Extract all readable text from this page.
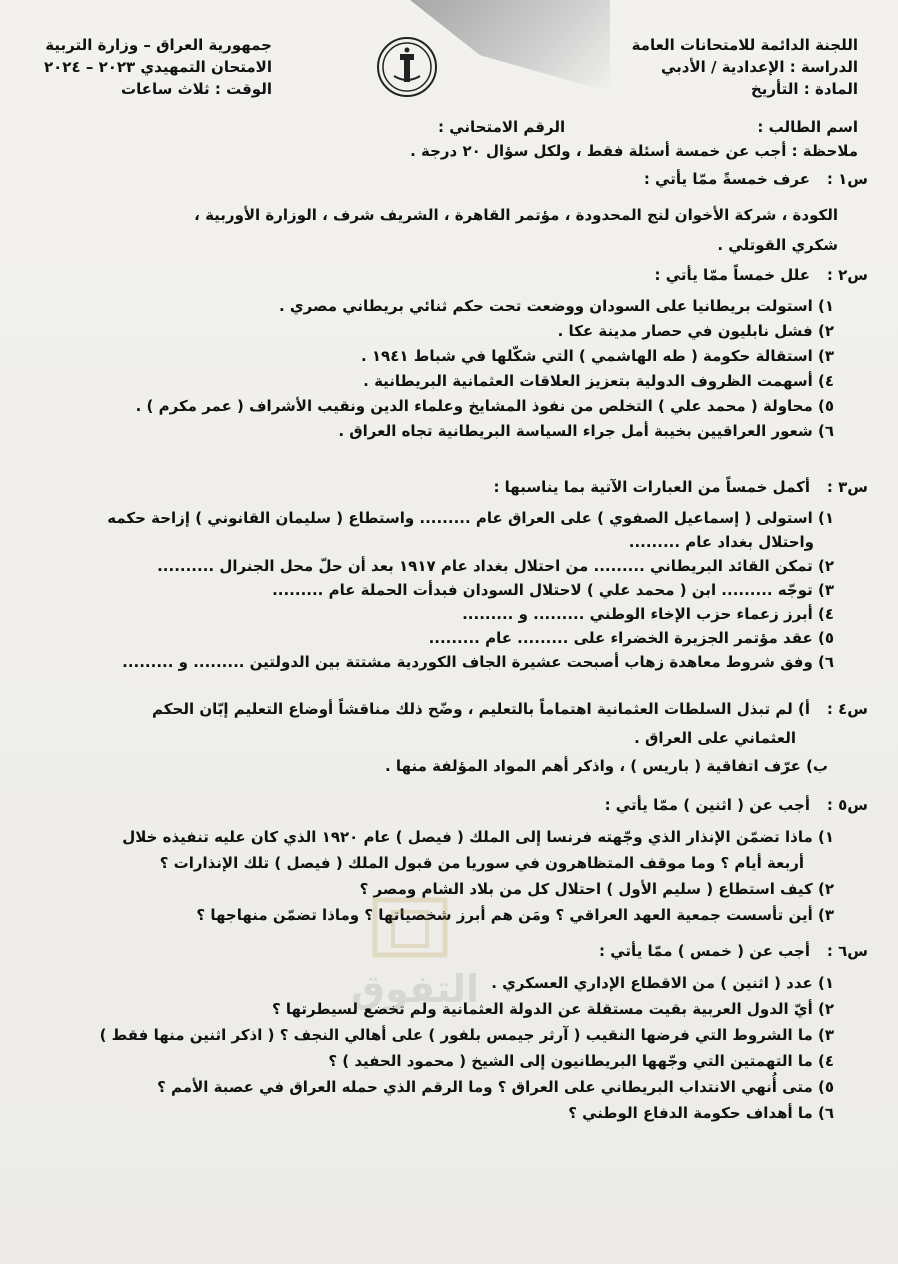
اللجنة الدائمة للامتحانات العامة
الدراسة : الإعدادية / الأدبي
المادة : التأريخ
جمهورية العراق – وزارة التربية
الامتحان التمهيدي ٢٠٢٣ – ٢٠٢٤
الوقت : ثلاث ساعات
اسم الطالب :
الرقم الامتحاني :
ملاحظة : أجب عن خمسة أسئلة فقط ، ولكل سؤال ٢٠ درجة .
س١ :
عرف خمسةً ممّا يأتي :
الكودة ، شركة الأخوان لنج المحدودة ، مؤتمر القاهرة ، الشريف شرف ، الوزارة الأوربية ،
شكري القوتلي .
س٢ :
علل خمساً ممّا يأتي :
١) استولت بريطانيا على السودان ووضعت تحت حكم ثنائي بريطاني مصري .
٢) فشل نابليون في حصار مدينة عكا .
٣) استقالة حكومة ( طه الهاشمي ) التي شكّلها في شباط ١٩٤١ .
٤) أسهمت الظروف الدولية بتعزيز العلاقات العثمانية البريطانية .
٥) محاولة ( محمد علي ) التخلص من نفوذ المشايخ وعلماء الدين ونقيب الأشراف ( عمر مكرم ) .
٦) شعور العراقيين بخيبة أمل جراء السياسة البريطانية تجاه العراق .
س٣ :
أكمل خمساً من العبارات الآتية بما يناسبها :
١) استولى ( إسماعيل الصفوي ) على العراق عام ......... واستطاع ( سليمان القانوني ) إزاحة حكمه
واحتلال بغداد عام .........
٢) تمكن القائد البريطاني ......... من احتلال بغداد عام ١٩١٧ بعد أن حلّ محل الجنرال ..........
٣) توجّه ......... ابن ( محمد علي ) لاحتلال السودان فبدأت الحملة عام .........
٤) أبرز زعماء حزب الإخاء الوطني ......... و .........
٥) عقد مؤتمر الجزيرة الخضراء على ......... عام .........
٦) وفق شروط معاهدة زهاب أصبحت عشيرة الجاف الكوردية مشتتة بين الدولتين ......... و .........
س٤ :
أ) لم تبذل السلطات العثمانية اهتماماً بالتعليم ، وضّح ذلك مناقشاً أوضاع التعليم إبّان الحكم
العثماني على العراق .
ب) عرّف اتفاقية ( باريس ) ، واذكر أهم المواد المؤلفة منها .
س٥ :
أجب عن ( اثنين ) ممّا يأتي :
١) ماذا تضمّن الإنذار الذي وجّهته فرنسا إلى الملك ( فيصل ) عام ١٩٢٠ الذي كان عليه تنفيذه خلال
أربعة أيام ؟ وما موقف المتظاهرون في سوريا من قبول الملك ( فيصل ) تلك الإنذارات ؟
٢) كيف استطاع ( سليم الأول ) احتلال كل من بلاد الشام ومصر ؟
٣) أين تأسست جمعية العهد العراقي ؟ ومَن هم أبرز شخصياتها ؟ وماذا تضمّن منهاجها ؟
التفوق
س٦ :
أجب عن ( خمس ) ممّا يأتي :
١) عدد ( اثنين ) من الاقطاع الإداري العسكري .
٢) أيّ الدول العربية بقيت مستقلة عن الدولة العثمانية ولم تخضع لسيطرتها ؟
٣) ما الشروط التي فرضها النقيب ( آرثر جيمس بلفور ) على أهالي النجف ؟ ( اذكر اثنين منها فقط )
٤) ما التهمتين التي وجّهها البريطانيون إلى الشيخ ( محمود الحفيد ) ؟
٥) متى أُنهي الانتداب البريطاني على العراق ؟ وما الرقم الذي حمله العراق في عصبة الأمم ؟
٦) ما أهداف حكومة الدفاع الوطني ؟
